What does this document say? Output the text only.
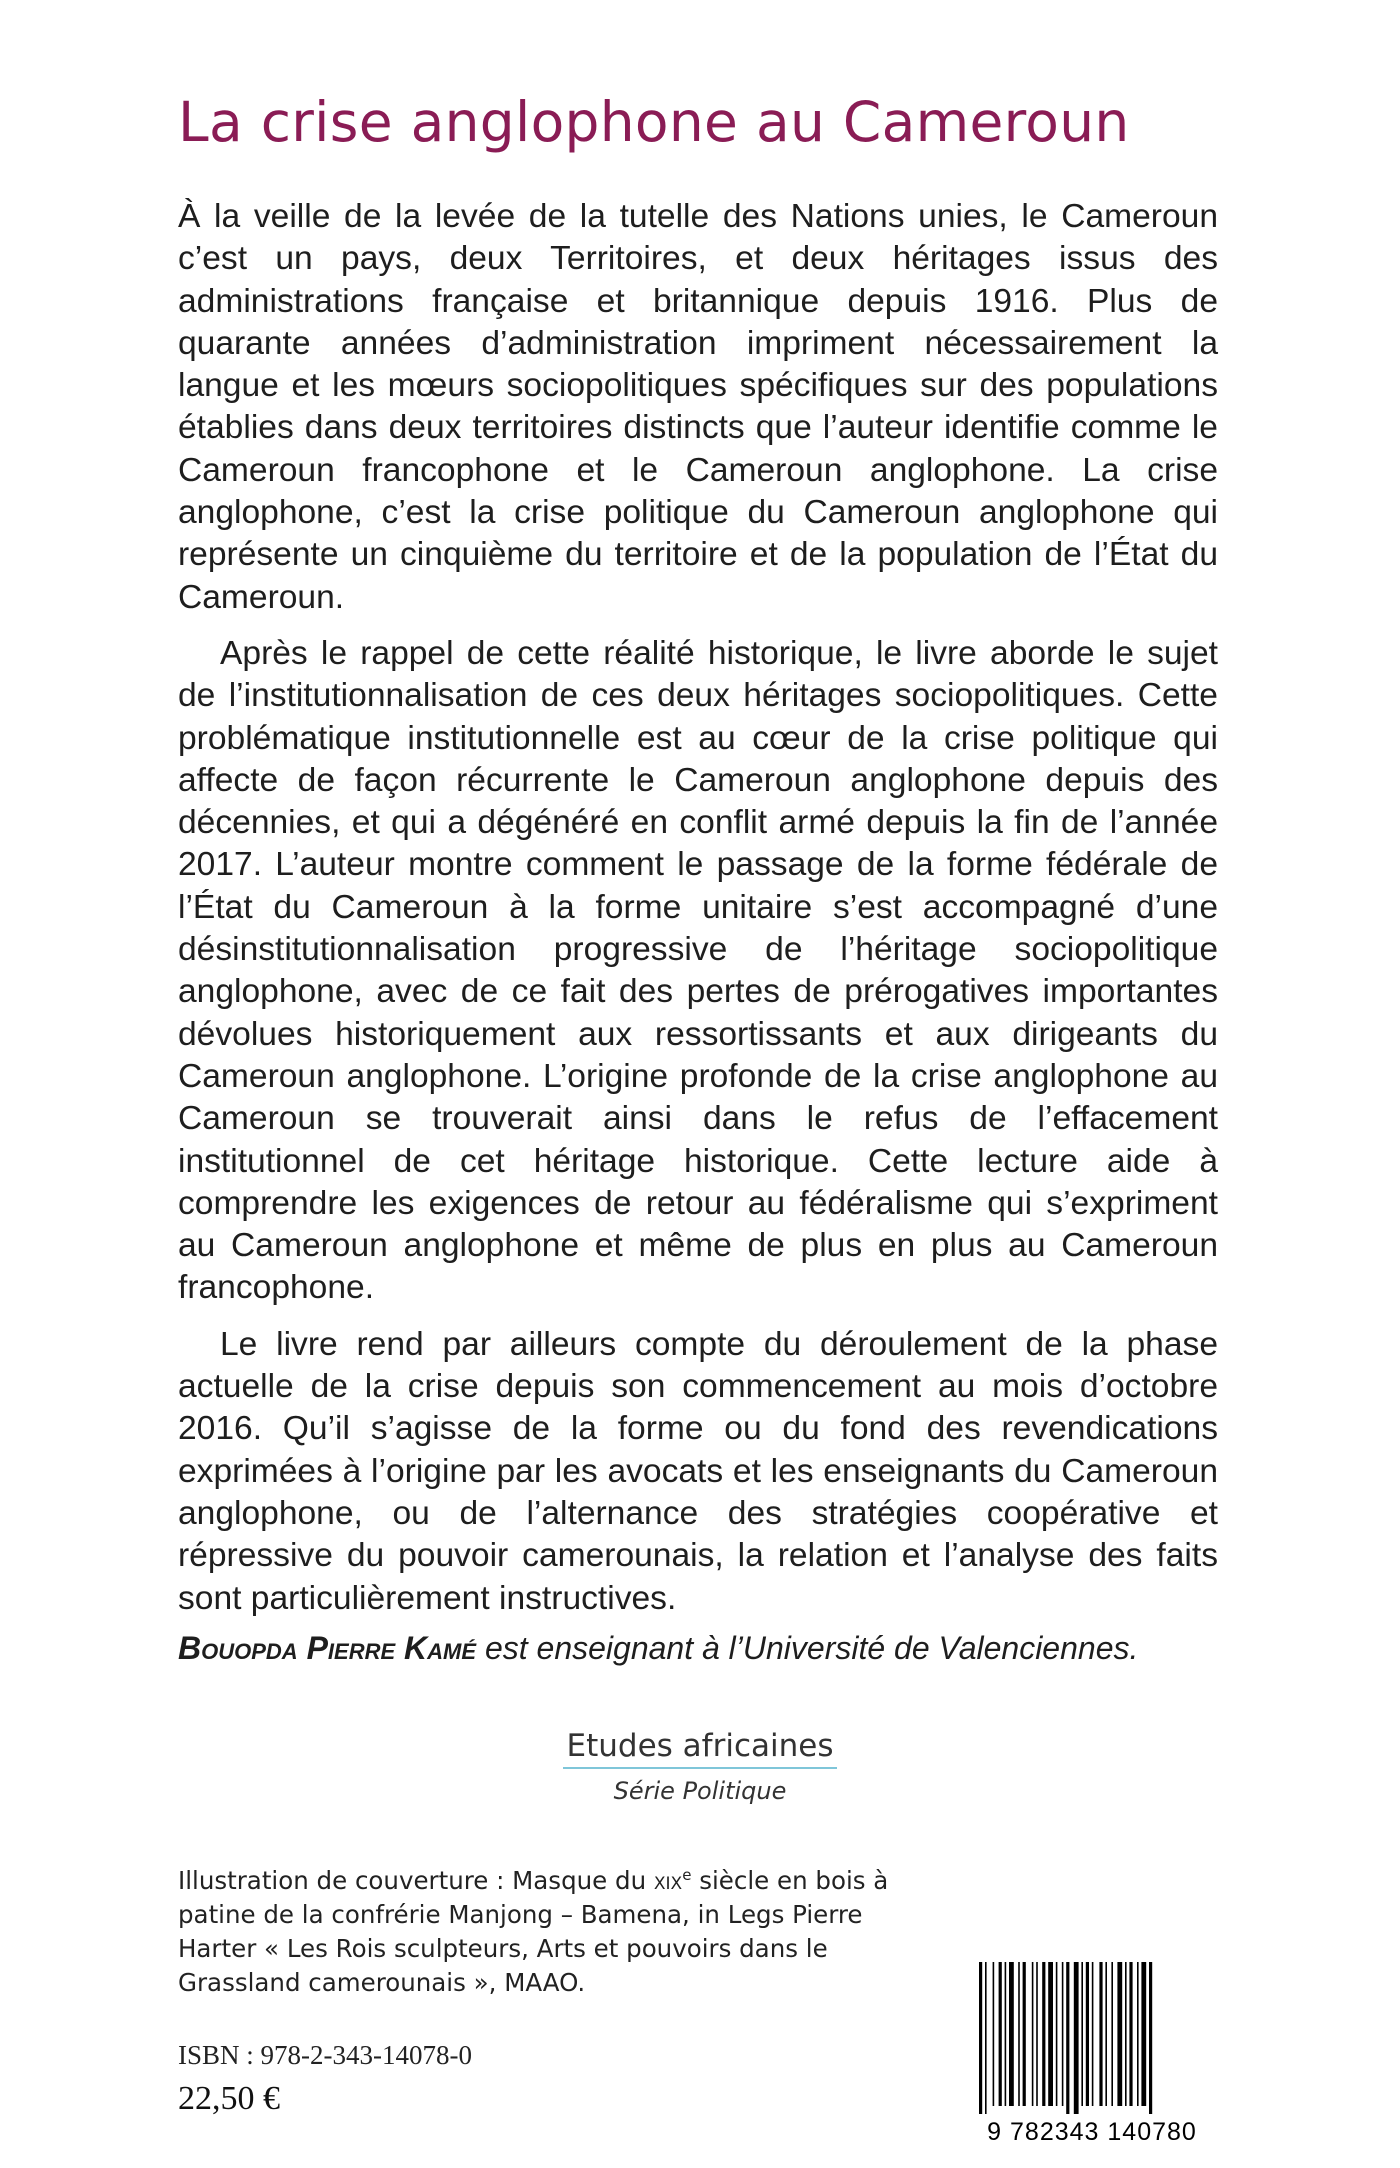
La crise anglophone au Cameroun

À la veille de la levée de la tutelle des Nations unies, le Cameroun c’est un pays, deux Territoires, et deux héritages issus des administrations française et britannique depuis 1916. Plus de quarante années d’administration impriment nécessairement la langue et les mœurs sociopolitiques spécifiques sur des populations établies dans deux territoires distincts que l’auteur identifie comme le Cameroun francophone et le Cameroun anglophone. La crise anglophone, c’est la crise politique du Cameroun anglophone qui représente un cinquième du territoire et de la population de l’État du Cameroun.

Après le rappel de cette réalité historique, le livre aborde le sujet de l’institutionnalisation de ces deux héritages sociopolitiques. Cette problématique institutionnelle est au cœur de la crise politique qui affecte de façon récurrente le Cameroun anglophone depuis des décennies, et qui a dégénéré en conflit armé depuis la fin de l’année 2017. L’auteur montre comment le passage de la forme fédérale de l’État du Cameroun à la forme unitaire s’est accompagné d’une désinstitutionnalisation progressive de l’héritage sociopolitique anglophone, avec de ce fait des pertes de prérogatives importantes dévolues historiquement aux ressortissants et aux dirigeants du Cameroun anglophone. L’origine profonde de la crise anglophone au Cameroun se trouverait ainsi dans le refus de l’effacement institutionnel de cet héritage historique. Cette lecture aide à comprendre les exigences de retour au fédéralisme qui s’expriment au Cameroun anglophone et même de plus en plus au Cameroun francophone.

Le livre rend par ailleurs compte du déroulement de la phase actuelle de la crise depuis son commencement au mois d’octobre 2016. Qu’il s’agisse de la forme ou du fond des revendications exprimées à l’origine par les avocats et les enseignants du Cameroun anglophone, ou de l’alternance des stratégies coopérative et répressive du pouvoir camerounais, la relation et l’analyse des faits sont particulièrement instructives.

Bouopda Pierre Kamé est enseignant à l’Université de Valenciennes.
Etudes africaines
Série Politique
Illustration de couverture : Masque du xix$^e$ siècle en bois à patine de la confrérie Manjong – Bamena, in Legs Pierre Harter « Les Rois sculpteurs, Arts et pouvoirs dans le Grassland camerounais », MAAO.
ISBN : 978-2-343-14078-0
22,50 €
9 782343 140780
